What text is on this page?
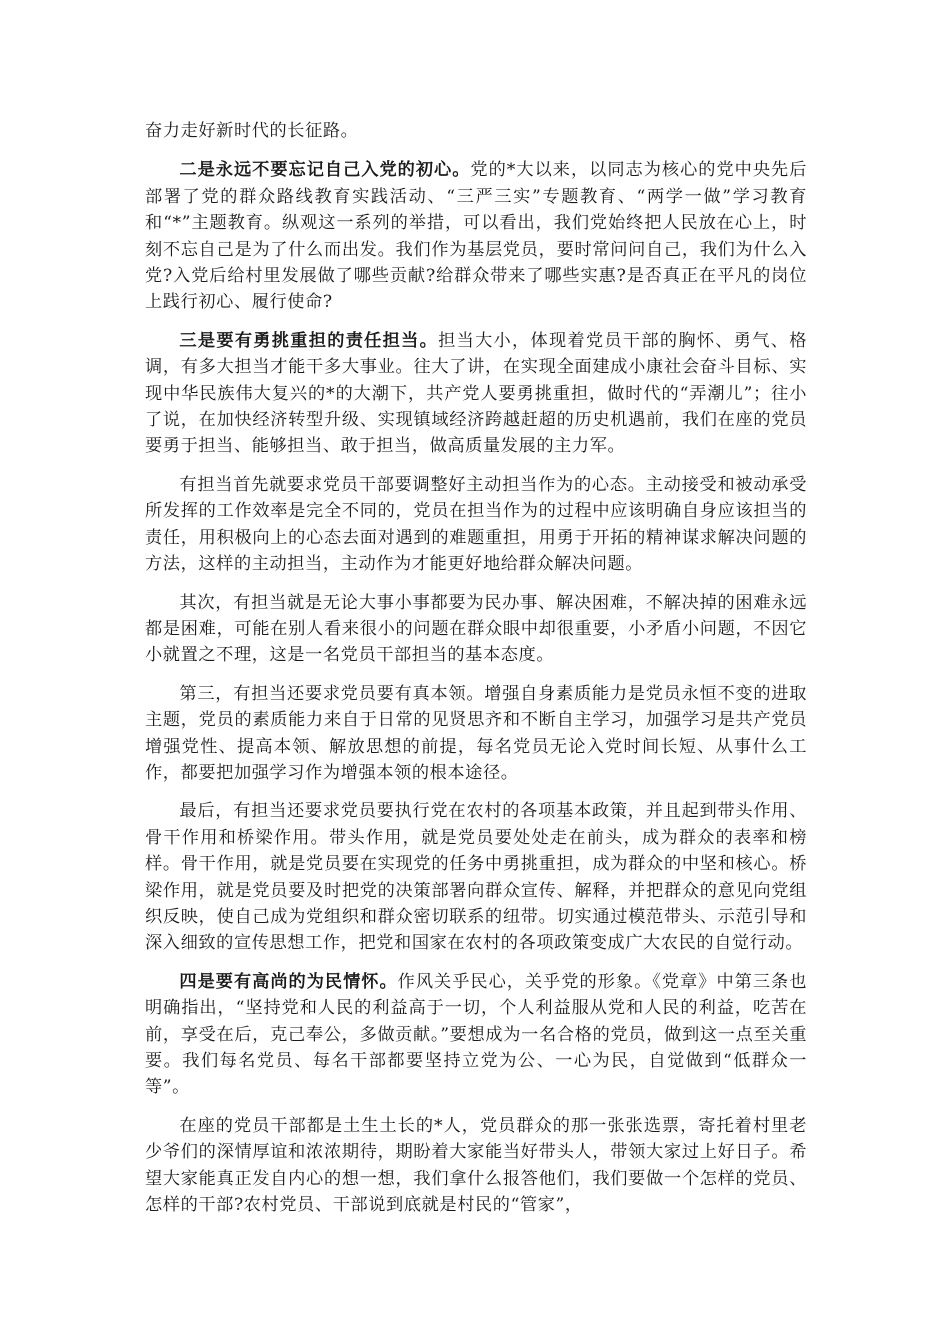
奋力走好新时代的长征路。

二是永远不要忘记自己入党的初心。党的*大以来，以同志为核心的党中央先后部署了党的群众路线教育实践活动、“三严三实”专题教育、“两学一做”学习教育和“*”主题教育。纵观这一系列的举措，可以看出，我们党始终把人民放在心上，时刻不忘自己是为了什么而出发。我们作为基层党员，要时常问问自己，我们为什么入党?入党后给村里发展做了哪些贡献?给群众带来了哪些实惠?是否真正在平凡的岗位上践行初心、履行使命?

三是要有勇挑重担的责任担当。担当大小，体现着党员干部的胸怀、勇气、格调，有多大担当才能干多大事业。往大了讲，在实现全面建成小康社会奋斗目标、实现中华民族伟大复兴的*的大潮下，共产党人要勇挑重担，做时代的“弄潮儿”；往小了说，在加快经济转型升级、实现镇域经济跨越赶超的历史机遇前，我们在座的党员要勇于担当、能够担当、敢于担当，做高质量发展的主力军。

有担当首先就要求党员干部要调整好主动担当作为的心态。主动接受和被动承受所发挥的工作效率是完全不同的，党员在担当作为的过程中应该明确自身应该担当的责任，用积极向上的心态去面对遇到的难题重担，用勇于开拓的精神谋求解决问题的方法，这样的主动担当，主动作为才能更好地给群众解决问题。

其次，有担当就是无论大事小事都要为民办事、解决困难，不解决掉的困难永远都是困难，可能在别人看来很小的问题在群众眼中却很重要，小矛盾小问题，不因它小就置之不理，这是一名党员干部担当的基本态度。

第三，有担当还要求党员要有真本领。增强自身素质能力是党员永恒不变的进取主题，党员的素质能力来自于日常的见贤思齐和不断自主学习，加强学习是共产党员增强党性、提高本领、解放思想的前提，每名党员无论入党时间长短、从事什么工作，都要把加强学习作为增强本领的根本途径。

最后，有担当还要求党员要执行党在农村的各项基本政策，并且起到带头作用、骨干作用和桥梁作用。带头作用，就是党员要处处走在前头，成为群众的表率和榜样。骨干作用，就是党员要在实现党的任务中勇挑重担，成为群众的中坚和核心。桥梁作用，就是党员要及时把党的决策部署向群众宣传、解释，并把群众的意见向党组织反映，使自己成为党组织和群众密切联系的纽带。切实通过模范带头、示范引导和深入细致的宣传思想工作，把党和国家在农村的各项政策变成广大农民的自觉行动。

四是要有高尚的为民情怀。作风关乎民心，关乎党的形象。《党章》中第三条也明确指出，“坚持党和人民的利益高于一切，个人利益服从党和人民的利益，吃苦在前，享受在后，克己奉公，多做贡献。”要想成为一名合格的党员，做到这一点至关重要。我们每名党员、每名干部都要坚持立党为公、一心为民，自觉做到“低群众一等”。

在座的党员干部都是土生土长的*人，党员群众的那一张张选票，寄托着村里老少爷们的深情厚谊和浓浓期待，期盼着大家能当好带头人，带领大家过上好日子。希望大家能真正发自内心的想一想，我们拿什么报答他们，我们要做一个怎样的党员、怎样的干部?农村党员、干部说到底就是村民的“管家”，
